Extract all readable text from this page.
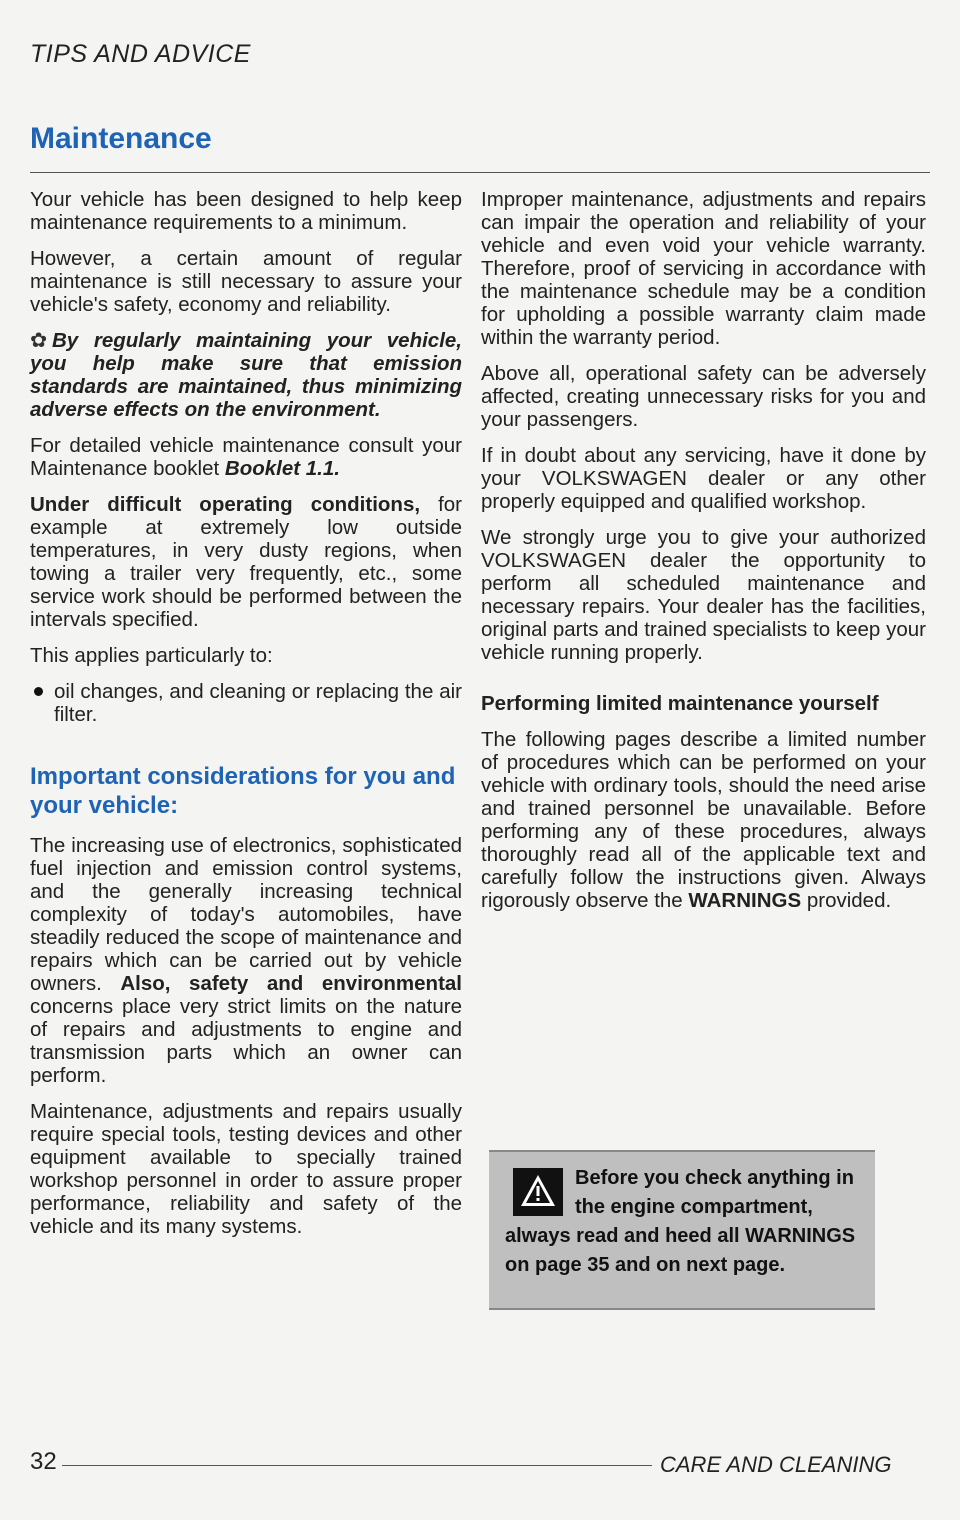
TIPS AND ADVICE
Maintenance

Your vehicle has been designed to help keep maintenance requirements to a minimum.

However, a certain amount of regular maintenance is still necessary to assure your vehicle's safety, economy and reliability.

✿ By regularly maintaining your vehicle, you help make sure that emission standards are maintained, thus minimizing adverse effects on the environment.

For detailed vehicle maintenance consult your Maintenance booklet Booklet 1.1.

Under difficult operating conditions, for example at extremely low outside temperatures, in very dusty regions, when towing a trailer very frequently, etc., some service work should be performed between the intervals specified.

This applies particularly to:

oil changes, and cleaning or replacing the air filter.

Important considerations for you and your vehicle:

The increasing use of electronics, sophisticated fuel injection and emission control systems, and the generally increasing technical complexity of today's automobiles, have steadily reduced the scope of maintenance and repairs which can be carried out by vehicle owners. Also, safety and environmental concerns place very strict limits on the nature of repairs and adjustments to engine and transmission parts which an owner can perform.

Maintenance, adjustments and repairs usually require special tools, testing devices and other equipment available to specially trained workshop personnel in order to assure proper performance, reliability and safety of the vehicle and its many systems.

Improper maintenance, adjustments and repairs can impair the operation and reliability of your vehicle and even void your vehicle warranty. Therefore, proof of servicing in accordance with the maintenance schedule may be a condition for upholding a possible warranty claim made within the warranty period.

Above all, operational safety can be adversely affected, creating unnecessary risks for you and your passengers.

If in doubt about any servicing, have it done by your VOLKSWAGEN dealer or any other properly equipped and qualified workshop.

We strongly urge you to give your authorized VOLKSWAGEN dealer the opportunity to perform all scheduled maintenance and necessary repairs. Your dealer has the facilities, original parts and trained specialists to keep your vehicle running properly.

Performing limited maintenance yourself

The following pages describe a limited number of procedures which can be performed on your vehicle with ordinary tools, should the need arise and trained personnel be unavailable. Before performing any of these procedures, always thoroughly read all of the applicable text and carefully follow the instructions given. Always rigorously observe the WARNINGS provided.

Before you check anything in the engine compartment, always read and heed all WARNINGS on page 35 and on next page.
32	CARE AND CLEANING
